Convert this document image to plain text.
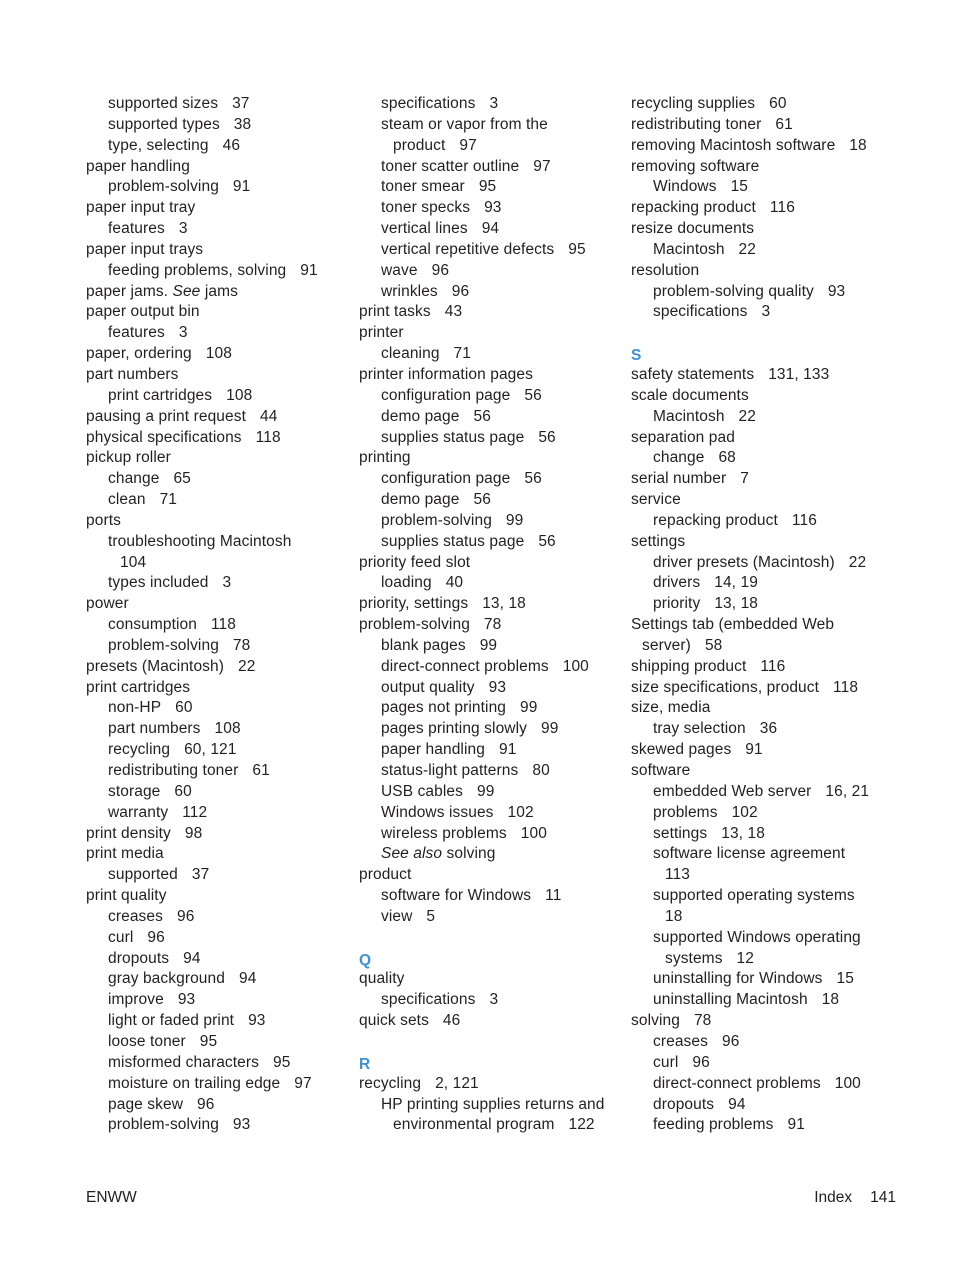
supported sizes 37
supported types 38
type, selecting 46
paper handling
problem-solving 91
paper input tray
features 3
paper input trays
feeding problems, solving 91
paper jams. See jams
paper output bin
features 3
paper, ordering 108
part numbers
print cartridges 108
pausing a print request 44
physical specifications 118
pickup roller
change 65
clean 71
ports
troubleshooting Macintosh
104
types included 3
power
consumption 118
problem-solving 78
presets (Macintosh) 22
print cartridges
non-HP 60
part numbers 108
recycling 60, 121
redistributing toner 61
storage 60
warranty 112
print density 98
print media
supported 37
print quality
creases 96
curl 96
dropouts 94
gray background 94
improve 93
light or faded print 93
loose toner 95
misformed characters 95
moisture on trailing edge 97
page skew 96
problem-solving 93
specifications 3
steam or vapor from the
product 97
toner scatter outline 97
toner smear 95
toner specks 93
vertical lines 94
vertical repetitive defects 95
wave 96
wrinkles 96
print tasks 43
printer
cleaning 71
printer information pages
configuration page 56
demo page 56
supplies status page 56
printing
configuration page 56
demo page 56
problem-solving 99
supplies status page 56
priority feed slot
loading 40
priority, settings 13, 18
problem-solving 78
blank pages 99
direct-connect problems 100
output quality 93
pages not printing 99
pages printing slowly 99
paper handling 91
status-light patterns 80
USB cables 99
Windows issues 102
wireless problems 100
See also solving
product
software for Windows 11
view 5
Q
quality
specifications 3
quick sets 46
R
recycling 2, 121
HP printing supplies returns and
environmental program 122
recycling supplies 60
redistributing toner 61
removing Macintosh software 18
removing software
Windows 15
repacking product 116
resize documents
Macintosh 22
resolution
problem-solving quality 93
specifications 3
S
safety statements 131, 133
scale documents
Macintosh 22
separation pad
change 68
serial number 7
service
repacking product 116
settings
driver presets (Macintosh) 22
drivers 14, 19
priority 13, 18
Settings tab (embedded Web
server) 58
shipping product 116
size specifications, product 118
size, media
tray selection 36
skewed pages 91
software
embedded Web server 16, 21
problems 102
settings 13, 18
software license agreement
113
supported operating systems
18
supported Windows operating
systems 12
uninstalling for Windows 15
uninstalling Macintosh 18
solving 78
creases 96
curl 96
direct-connect problems 100
dropouts 94
feeding problems 91
ENWW	Index 141
